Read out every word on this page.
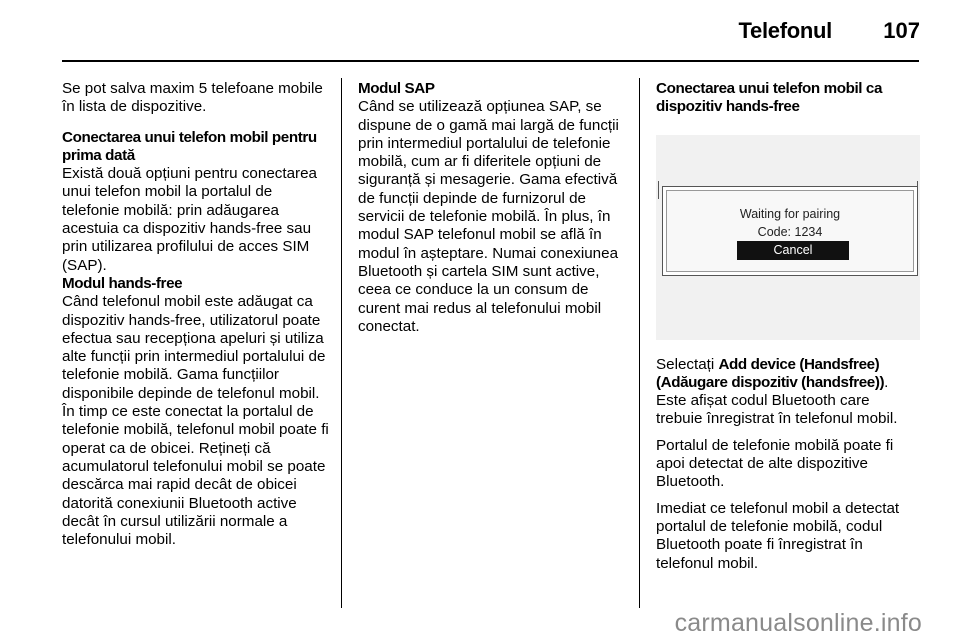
Telefonul 107

Se pot salva maxim 5 telefoane mobile în lista de dispozitive.

Conectarea unui telefon mobil pentru prima dată

Există două opțiuni pentru conectarea unui telefon mobil la portalul de telefonie mobilă: prin adăugarea acestuia ca dispozitiv hands-free sau prin utilizarea profilului de acces SIM (SAP).

Modul hands-free

Când telefonul mobil este adăugat ca dispozitiv hands-free, utilizatorul poate efectua sau recepționa apeluri și utiliza alte funcții prin intermediul portalului de telefonie mobilă. Gama funcțiilor disponibile depinde de telefonul mobil. În timp ce este conectat la portalul de telefonie mobilă, telefonul mobil poate fi operat ca de obicei. Rețineți că acumulatorul telefonului mobil se poate descărca mai rapid decât de obicei datorită conexiunii Bluetooth active decât în cursul utilizării normale a telefonului mobil.

Modul SAP

Când se utilizează opțiunea SAP, se dispune de o gamă mai largă de funcții prin intermediul portalului de telefonie mobilă, cum ar fi diferitele opțiuni de siguranță și mesagerie. Gama efectivă de funcții depinde de furnizorul de servicii de telefonie mobilă. În plus, în modul SAP telefonul mobil se află în modul în așteptare. Numai conexiunea Bluetooth și cartela SIM sunt active, ceea ce conduce la un consum de curent mai redus al telefonului mobil conectat.

Conectarea unui telefon mobil ca dispozitiv hands-free

Waiting for pairing
Code: 1234
Cancel

Selectați Add device (Handsfree) (Adăugare dispozitiv (handsfree)). Este afișat codul Bluetooth care trebuie înregistrat în telefonul mobil.

Portalul de telefonie mobilă poate fi apoi detectat de alte dispozitive Bluetooth.

Imediat ce telefonul mobil a detectat portalul de telefonie mobilă, codul Bluetooth poate fi înregistrat în telefonul mobil.

carmanualsonline.info
